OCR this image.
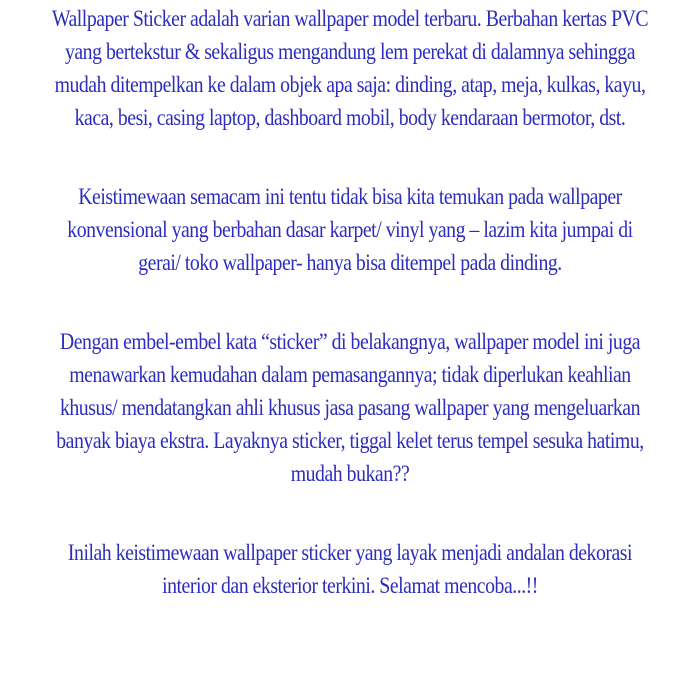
Wallpaper Sticker adalah varian wallpaper model terbaru. Berbahan kertas PVC
yang bertekstur & sekaligus mengandung lem perekat di dalamnya sehingga
mudah ditempelkan ke dalam objek apa saja: dinding, atap, meja, kulkas, kayu,
kaca, besi, casing laptop, dashboard mobil, body kendaraan bermotor, dst.

Keistimewaan semacam ini tentu tidak bisa kita temukan pada wallpaper
konvensional yang berbahan dasar karpet/ vinyl yang – lazim kita jumpai di
gerai/ toko wallpaper- hanya bisa ditempel pada dinding.

Dengan embel-embel kata “sticker” di belakangnya, wallpaper model ini juga
menawarkan kemudahan dalam pemasangannya; tidak diperlukan keahlian
khusus/ mendatangkan ahli khusus jasa pasang wallpaper yang mengeluarkan
banyak biaya ekstra. Layaknya sticker, tiggal kelet terus tempel sesuka hatimu,
mudah bukan??

Inilah keistimewaan wallpaper sticker yang layak menjadi andalan dekorasi
interior dan eksterior terkini. Selamat mencoba...!!
